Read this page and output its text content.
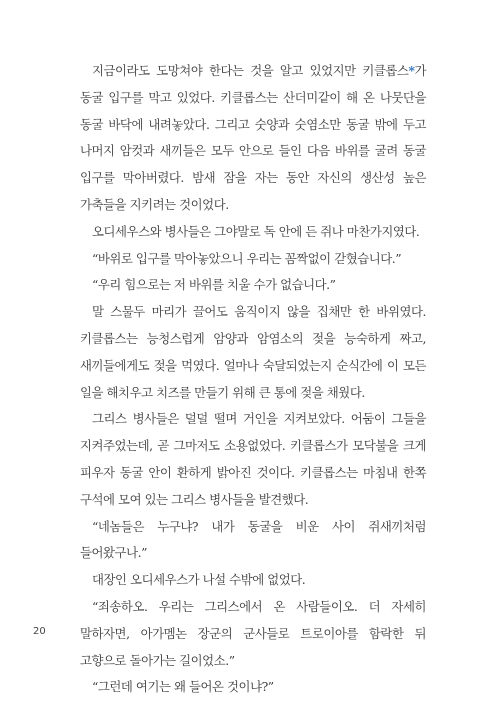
지금이라도 도망쳐야 한다는 것을 알고 있었지만 키클롭스*가 동굴 입구를 막고 있었다. 키클롭스는 산더미같이 해 온 나뭇단을 동굴 바닥에 내려놓았다. 그리고 숫양과 숫염소만 동굴 밖에 두고 나머지 암컷과 새끼들은 모두 안으로 들인 다음 바위를 굴려 동굴 입구를 막아버렸다. 밤새 잠을 자는 동안 자신의 생산성 높은 가축들을 지키려는 것이었다.

오디세우스와 병사들은 그야말로 독 안에 든 쥐나 마찬가지였다.

“바위로 입구를 막아놓았으니 우리는 꼼짝없이 갇혔습니다.”

“우리 힘으로는 저 바위를 치울 수가 없습니다.”

말 스물두 마리가 끌어도 움직이지 않을 집채만 한 바위였다. 키클롭스는 능청스럽게 암양과 암염소의 젖을 능숙하게 짜고, 새끼들에게도 젖을 먹였다. 얼마나 숙달되었는지 순식간에 이 모든 일을 해치우고 치즈를 만들기 위해 큰 통에 젖을 채웠다.

그리스 병사들은 덜덜 떨며 거인을 지켜보았다. 어둠이 그들을 지켜주었는데, 곧 그마저도 소용없었다. 키클롭스가 모닥불을 크게 피우자 동굴 안이 환하게 밝아진 것이다. 키클롭스는 마침내 한쪽 구석에 모여 있는 그리스 병사들을 발견했다.

“네놈들은 누구냐? 내가 동굴을 비운 사이 쥐새끼처럼 들어왔구나.”

대장인 오디세우스가 나설 수밖에 없었다.

“죄송하오. 우리는 그리스에서 온 사람들이오. 더 자세히 말하자면, 아가멤논 장군의 군사들로 트로이아를 함락한 뒤 고향으로 돌아가는 길이었소.”

“그런데 여기는 왜 들어온 것이냐?”

20
